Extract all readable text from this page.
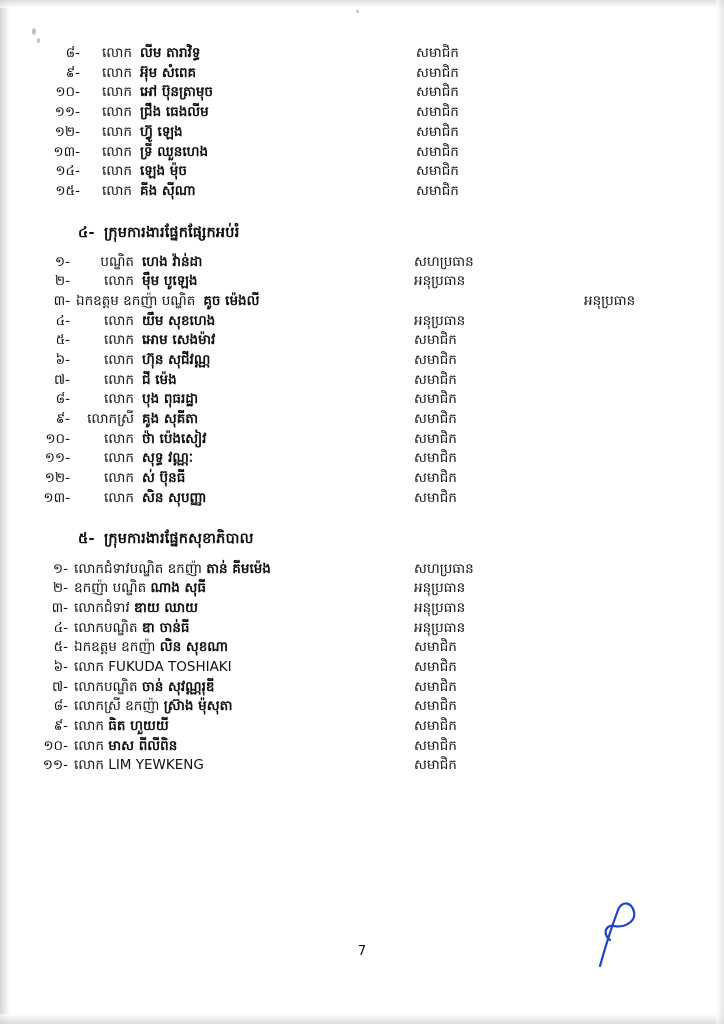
៨-	លោក លីម តារាវិទ្ធ	សមាជិក
៩-	លោក អ៊ុម សំពេគ	សមាជិក
១០-	លោក អៅ ប៊ុនត្រាមុច	សមាជិក
១១-	លោក ជ្រឹង ធេងលីម	សមាជិក
១២-	លោក ហ៊្វូ ឡេង	សមាជិក
១៣-	លោក ទ្រី ឈួនហេង	សមាជិក
១៤-	លោក ឡេង ម៉ុច	សមាជិក
១៥-	លោក គីង ស៊ីណា	សមាជិក
៤- ក្រុមការងារផ្នែកផ្សែកអប់រំ
១-	បណ្ឌិត ហេង វ៉ាន់ដា	សហប្រធាន
២-	លោក ម៉ឹម បូឡេង	អនុប្រធាន
៣- ឯកឧត្តម ឧកញ៉ា បណ្ឌិត គូច ម៉េងលី	អនុប្រធាន
៤-	លោក យឹម សុខហេង	អនុប្រធាន
៥-	លោក អោម សេងម៉ាវ	សមាជិក
៦-	លោក ហ៊ុន សុជីវណ្ណ	សមាជិក
៧-	លោក ជី ម៉េង	សមាជិក
៨-	លោក បុង ពុធរដ្ឋា	សមាជិក
៩-	លោកស្រី គូង សុគីតា	សមាជិក
១០-	លោក ថ៉ា ប៉េងសៀវ	សមាជិក
១១-	លោក សុទ្ធ វណ្ណៈ	សមាជិក
១២-	លោក ស់ ប៊ុនធី	សមាជិក
១៣-	លោក សិន សុបញ្ញា	សមាជិក
៥- ក្រុមការងារផ្នែកសុខាភិបាល
១- លោកជំទាវបណ្ឌិត ឧកញ៉ា តាន់ គីមម៉េង	សហប្រធាន
២- ឧកញ៉ា បណ្ឌិត ណាង សុធី	អនុប្រធាន
៣- លោកជំទាវ ឌាយ ឈាយ	អនុប្រធាន
៤- លោកបណ្ឌិត ឌា ចាន់ធី	អនុប្រធាន
៥- ឯកឧត្តម ឧកញ៉ា លិន សុខណា	សមាជិក
៦- លោក FUKUDA TOSHIAKI	សមាជិក
៧- លោកបណ្ឌិត ចាន់ សុវណ្ណរុឌី	សមាជិក
៨- លោកស្រី ឧកញ៉ា ស្រ៊ាង ម៉ុសុតា	សមាជិក
៩- លោក ធិត ហួយយី	សមាជិក
១០- លោក មាស ពីលីពិន	សមាជិក
១១- លោក LIM YEWKENG	សមាជិក
7
